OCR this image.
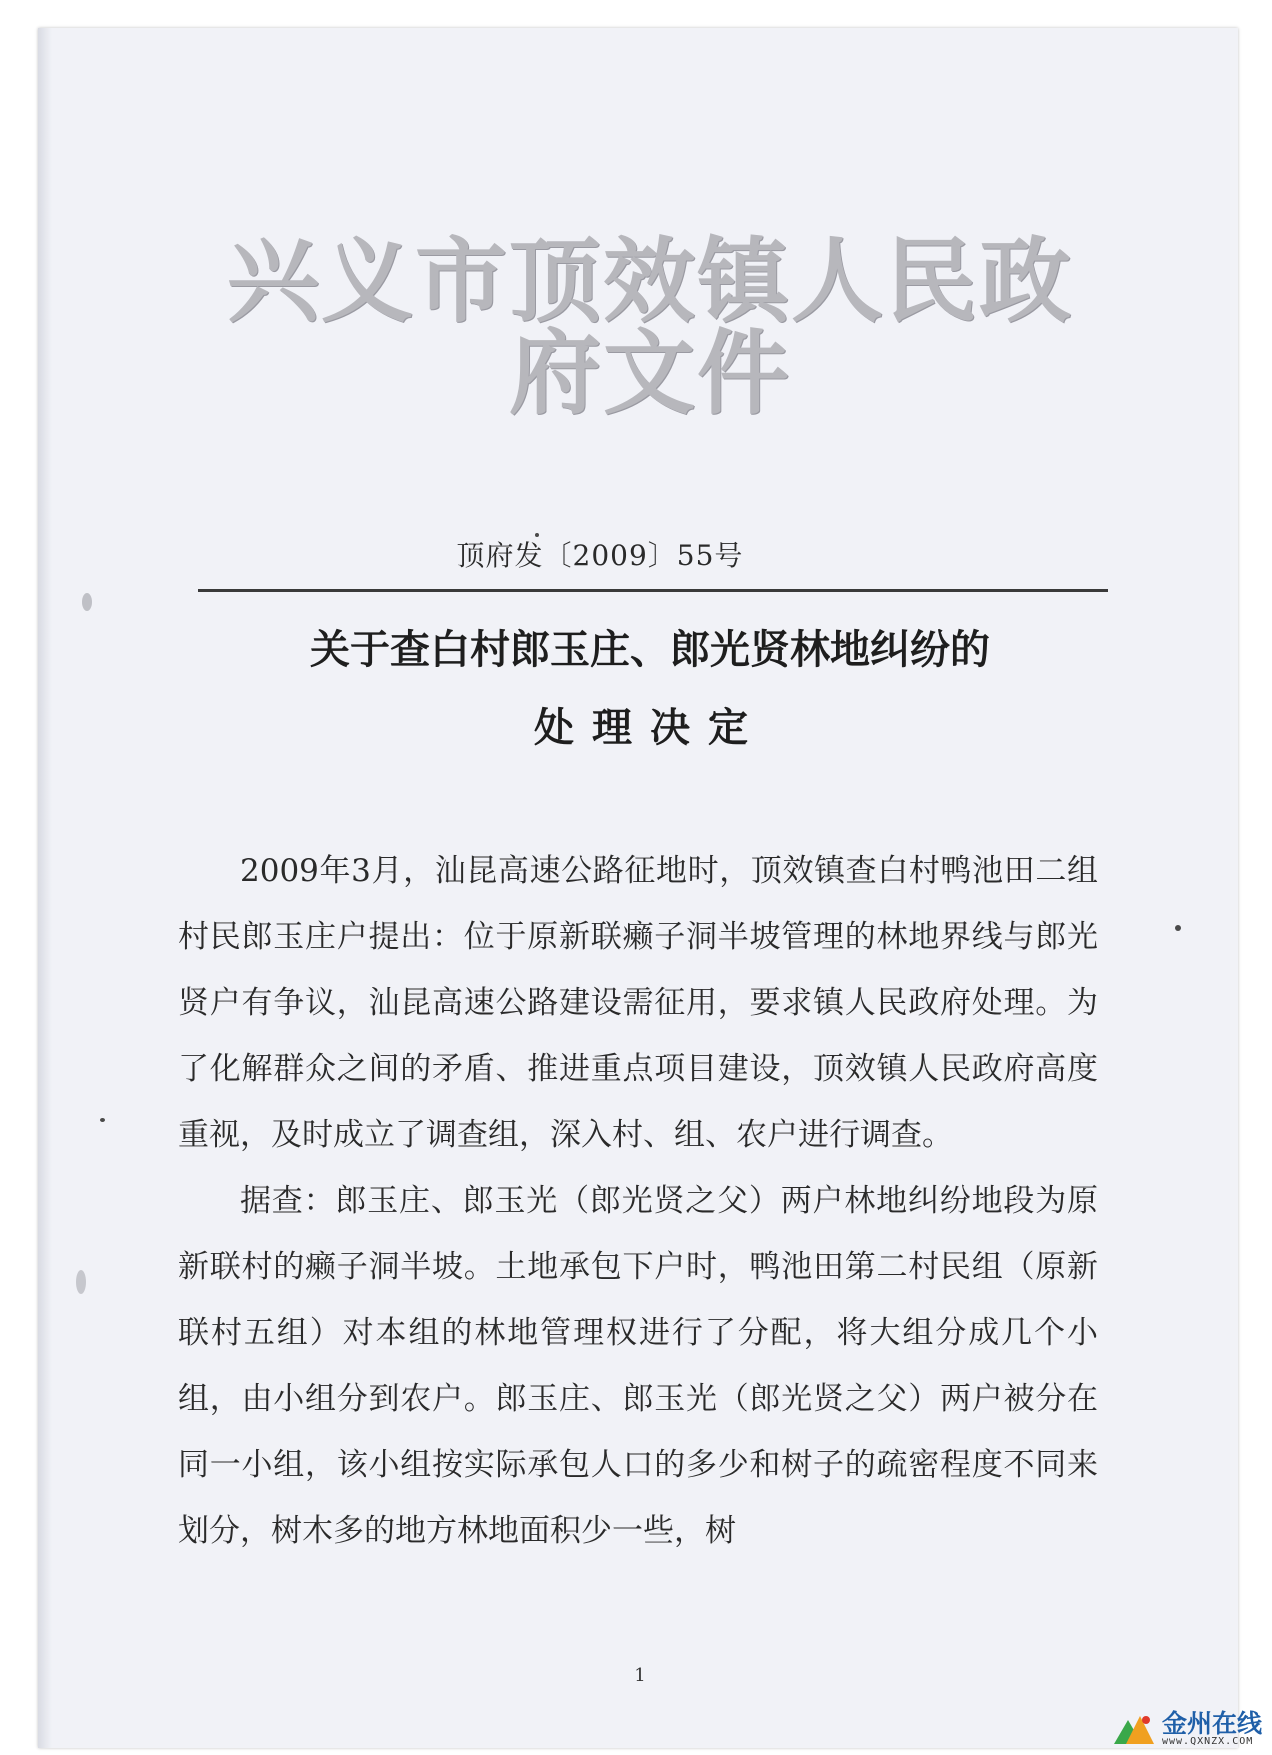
兴义市顶效镇人民政府文件
顶府发〔2009〕55号
关于查白村郎玉庄、郎光贤林地纠纷的
处理决定

2009年3月，汕昆高速公路征地时，顶效镇查白村鸭池田二组村民郎玉庄户提出：位于原新联癞子洞半坡管理的林地界线与郎光贤户有争议，汕昆高速公路建设需征用，要求镇人民政府处理。为了化解群众之间的矛盾、推进重点项目建设，顶效镇人民政府高度重视，及时成立了调查组，深入村、组、农户进行调查。

据查：郎玉庄、郎玉光（郎光贤之父）两户林地纠纷地段为原新联村的癞子洞半坡。土地承包下户时，鸭池田第二村民组（原新联村五组）对本组的林地管理权进行了分配，将大组分成几个小组，由小组分到农户。郎玉庄、郎玉光（郎光贤之父）两户被分在同一小组，该小组按实际承包人口的多少和树子的疏密程度不同来划分，树木多的地方林地面积少一些，树

1
金州在线
www.QXNZX.COM
